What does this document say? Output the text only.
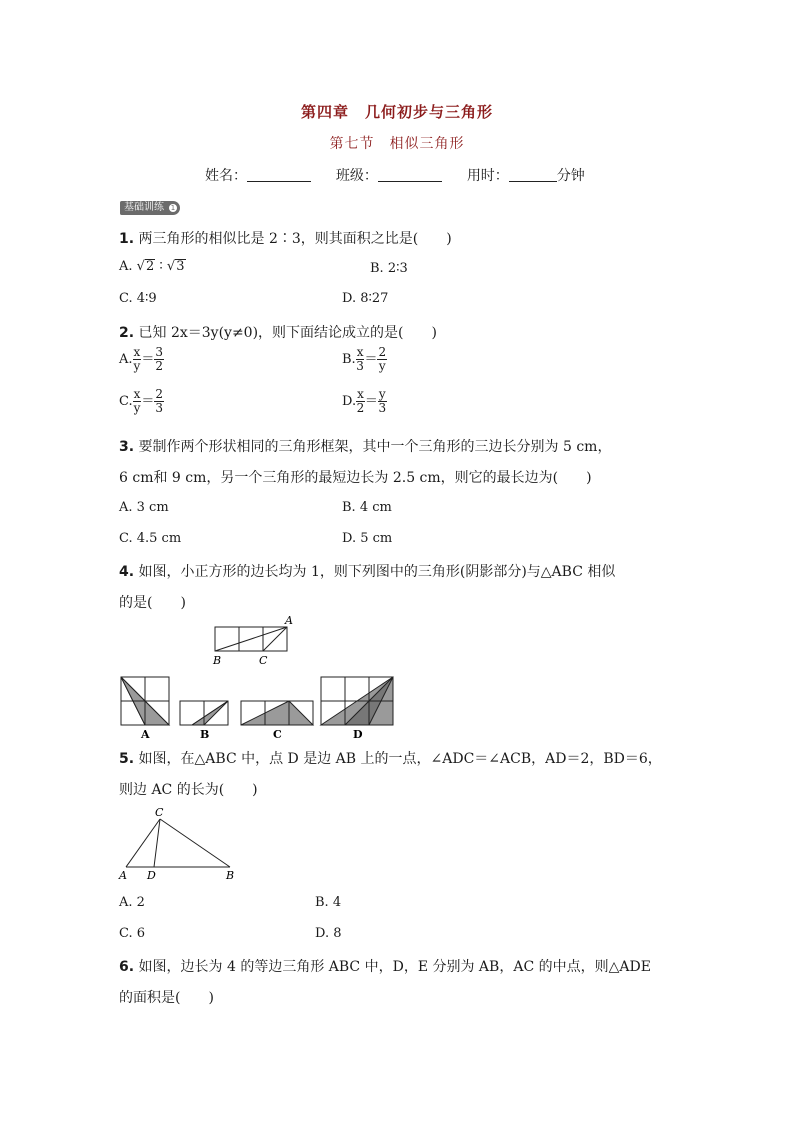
第四章　几何初步与三角形
第七节　相似三角形
姓名：	班级：	用时：	分钟
基础训练 1
1. 两三角形的相似比是 2∶3，则其面积之比是(　　)
A. √2 ∶ √3	B. 2∶3
C. 4∶9	D. 8∶27
2. 已知 2x＝3y(y≠0)，则下面结论成立的是(　　)
A. $\frac{x}{y} = \frac{3}{2}$	B. $\frac{x}{3} = \frac{2}{y}$
C. $\frac{x}{y} = \frac{2}{3}$	D. $\frac{x}{2} = \frac{y}{3}$
3. 要制作两个形状相同的三角形框架，其中一个三角形的三边长分别为 5 cm，
6 cm和 9 cm，另一个三角形的最短边长为 2.5 cm，则它的最长边为(　　)
A. 3 cm	B. 4 cm
C. 4.5 cm	D. 5 cm
4. 如图，小正方形的边长均为 1，则下列图中的三角形(阴影部分)与△ABC 相似
的是(　　)
A
B	C
A	B	C	D
5. 如图，在△ABC 中，点 D 是边 AB 上的一点，∠ADC＝∠ACB，AD＝2，BD＝6，
则边 AC 的长为(　　)
C
A D	B
A. 2	B. 4
C. 6	D. 8
6. 如图，边长为 4 的等边三角形 ABC 中，D，E 分别为 AB，AC 的中点，则△ADE
的面积是(　　)
